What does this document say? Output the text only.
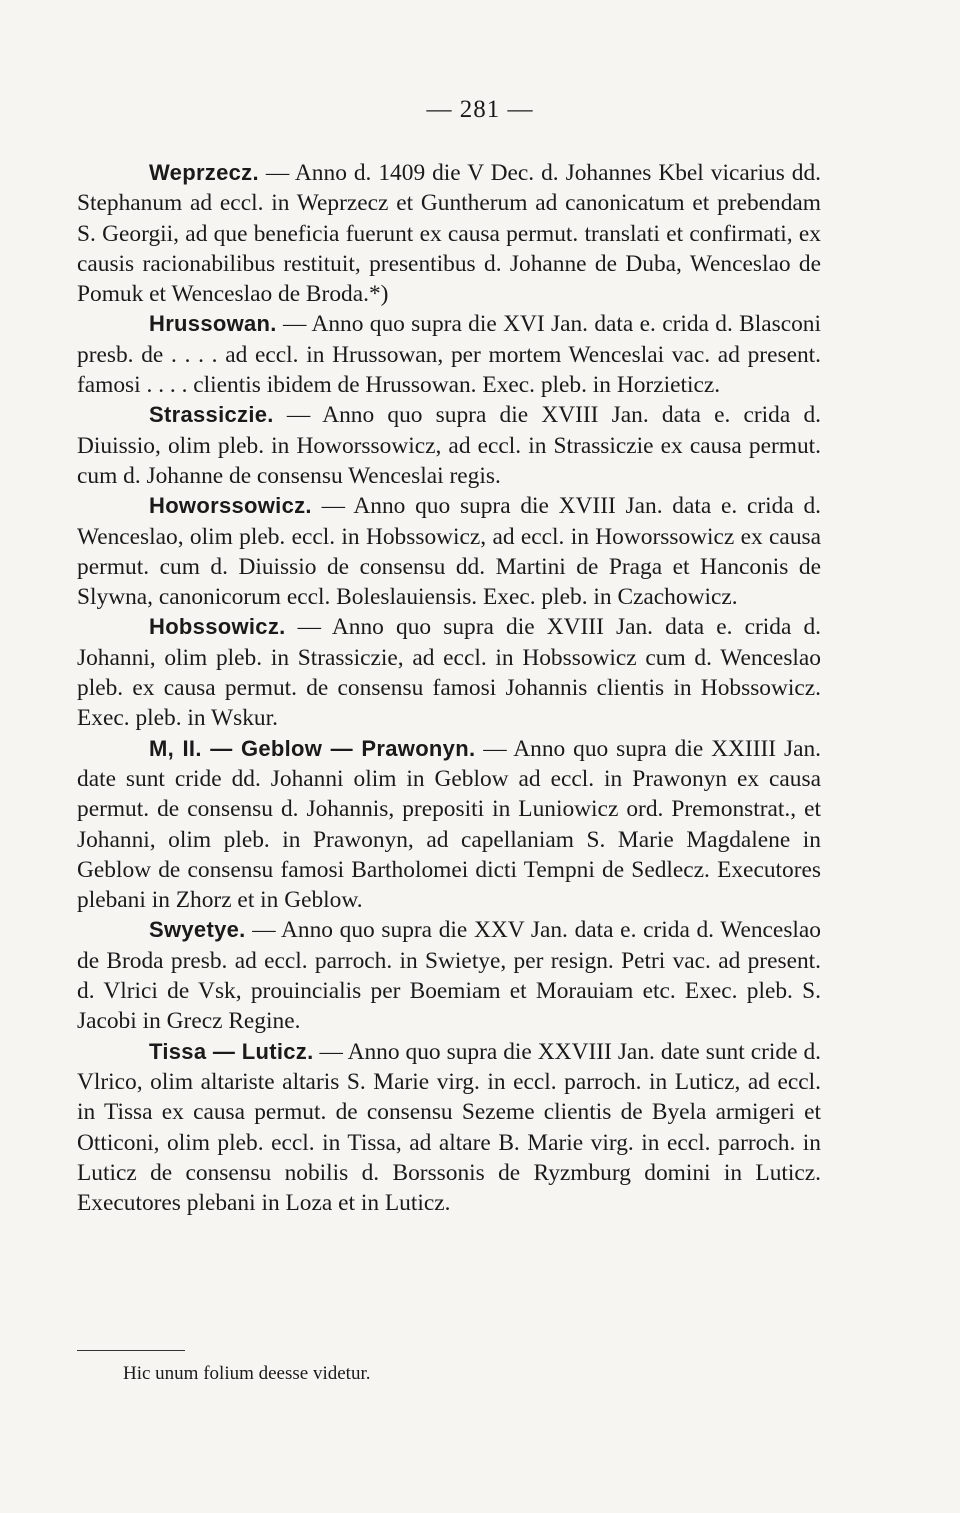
— 281 —

Weprzecz. — Anno d. 1409 die V Dec. d. Johannes Kbel vicarius dd. Stephanum ad eccl. in Weprzecz et Guntherum ad canonicatum et prebendam S. Georgii, ad que beneficia fuerunt ex causa permut. translati et confirmati, ex causis racionabilibus restituit, presentibus d. Johanne de Duba, Wenceslao de Pomuk et Wenceslao de Broda.*)

Hrussowan. — Anno quo supra die XVI Jan. data e. crida d. Blasconi presb. de . . . . ad eccl. in Hrussowan, per mortem Wenceslai vac. ad present. famosi . . . . clientis ibidem de Hrussowan. Exec. pleb. in Horzieticz.

Strassiczie. — Anno quo supra die XVIII Jan. data e. crida d. Diuissio, olim pleb. in Howorssowicz, ad eccl. in Strassiczie ex causa permut. cum d. Johanne de consensu Wenceslai regis.

Howorssowicz. — Anno quo supra die XVIII Jan. data e. crida d. Wenceslao, olim pleb. eccl. in Hobssowicz, ad eccl. in Howorssowicz ex causa permut. cum d. Diuissio de consensu dd. Martini de Praga et Hanconis de Slywna, canonicorum eccl. Boleslauiensis. Exec. pleb. in Czachowicz.

Hobssowicz. — Anno quo supra die XVIII Jan. data e. crida d. Johanni, olim pleb. in Strassiczie, ad eccl. in Hobssowicz cum d. Wenceslao pleb. ex causa permut. de consensu famosi Johannis clientis in Hobssowicz. Exec. pleb. in Wskur.

M, II. — Geblow — Prawonyn. — Anno quo supra die XXIIII Jan. date sunt cride dd. Johanni olim in Geblow ad eccl. in Prawonyn ex causa permut. de consensu d. Johannis, prepositi in Luniowicz ord. Premonstrat., et Johanni, olim pleb. in Prawonyn, ad capellaniam S. Marie Magdalene in Geblow de consensu famosi Bartholomei dicti Tempni de Sedlecz. Executores plebani in Zhorz et in Geblow.

Swyetye. — Anno quo supra die XXV Jan. data e. crida d. Wenceslao de Broda presb. ad eccl. parroch. in Swietye, per resign. Petri vac. ad present. d. Vlrici de Vsk, prouincialis per Boemiam et Morauiam etc. Exec. pleb. S. Jacobi in Grecz Regine.

Tissa — Luticz. — Anno quo supra die XXVIII Jan. date sunt cride d. Vlrico, olim altariste altaris S. Marie virg. in eccl. parroch. in Luticz, ad eccl. in Tissa ex causa permut. de consensu Sezeme clientis de Byela armigeri et Otticoni, olim pleb. eccl. in Tissa, ad altare B. Marie virg. in eccl. parroch. in Luticz de consensu nobilis d. Borssonis de Ryzmburg domini in Luticz. Executores plebani in Loza et in Luticz.

Hic unum folium deesse videtur.
